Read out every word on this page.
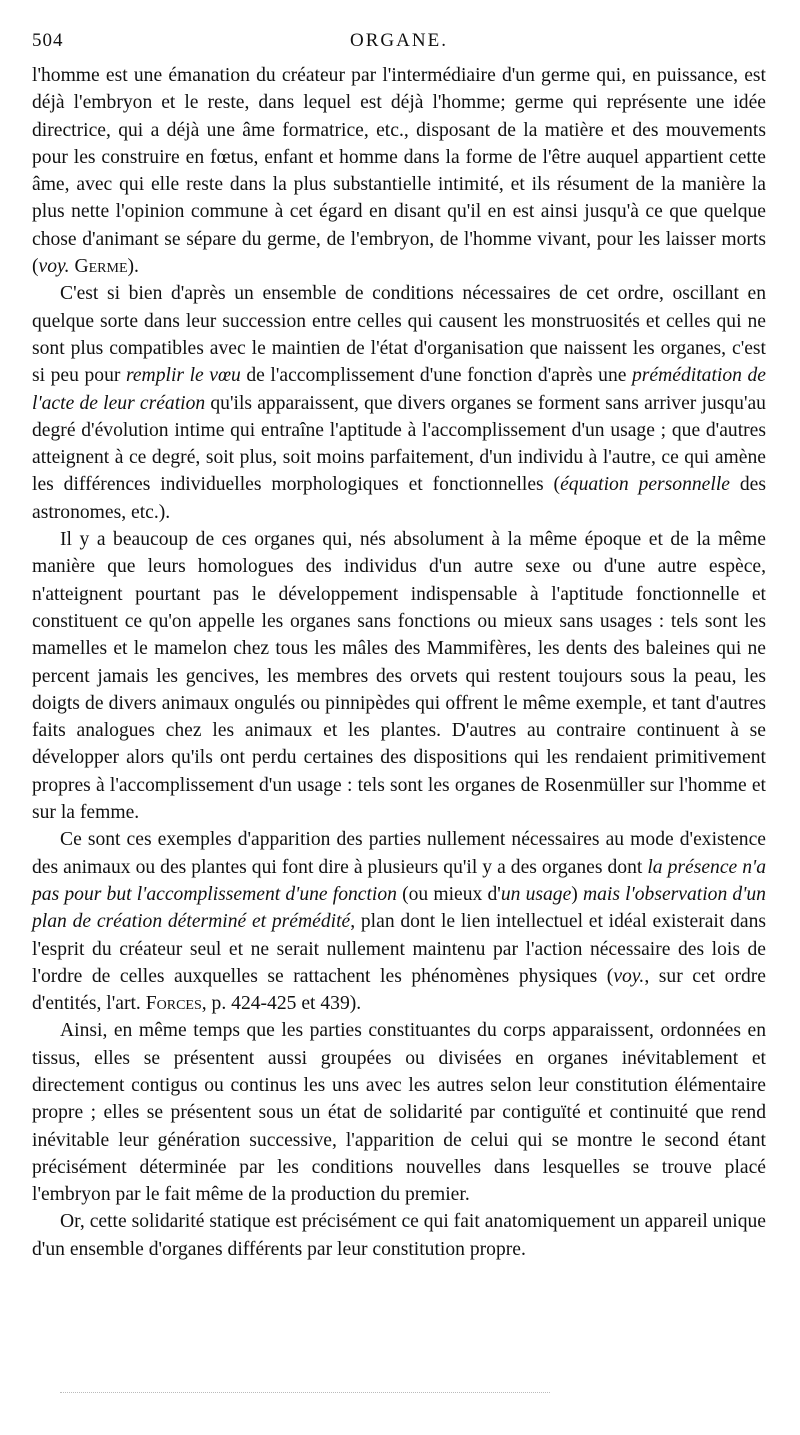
504	ORGANE.

l'homme est une émanation du créateur par l'intermédiaire d'un germe qui, en puissance, est déjà l'embryon et le reste, dans lequel est déjà l'homme; germe qui représente une idée directrice, qui a déjà une âme formatrice, etc., disposant de la matière et des mouvements pour les construire en fœtus, enfant et homme dans la forme de l'être auquel appartient cette âme, avec qui elle reste dans la plus substantielle intimité, et ils résument de la manière la plus nette l'opinion commune à cet égard en disant qu'il en est ainsi jusqu'à ce que quelque chose d'animant se sépare du germe, de l'embryon, de l'homme vivant, pour les laisser morts (voy. Germe).

C'est si bien d'après un ensemble de conditions nécessaires de cet ordre, oscillant en quelque sorte dans leur succession entre celles qui causent les monstruosités et celles qui ne sont plus compatibles avec le maintien de l'état d'organisation que naissent les organes, c'est si peu pour remplir le vœu de l'accomplissement d'une fonction d'après une préméditation de l'acte de leur création qu'ils apparaissent, que divers organes se forment sans arriver jusqu'au degré d'évolution intime qui entraîne l'aptitude à l'accomplissement d'un usage ; que d'autres atteignent à ce degré, soit plus, soit moins parfaitement, d'un individu à l'autre, ce qui amène les différences individuelles morphologiques et fonctionnelles (équation personnelle des astronomes, etc.).

Il y a beaucoup de ces organes qui, nés absolument à la même époque et de la même manière que leurs homologues des individus d'un autre sexe ou d'une autre espèce, n'atteignent pourtant pas le développement indispensable à l'aptitude fonctionnelle et constituent ce qu'on appelle les organes sans fonctions ou mieux sans usages : tels sont les mamelles et le mamelon chez tous les mâles des Mammifères, les dents des baleines qui ne percent jamais les gencives, les membres des orvets qui restent toujours sous la peau, les doigts de divers animaux ongulés ou pinnipèdes qui offrent le même exemple, et tant d'autres faits analogues chez les animaux et les plantes. D'autres au contraire continuent à se développer alors qu'ils ont perdu certaines des dispositions qui les rendaient primitivement propres à l'accomplissement d'un usage : tels sont les organes de Rosenmüller sur l'homme et sur la femme.

Ce sont ces exemples d'apparition des parties nullement nécessaires au mode d'existence des animaux ou des plantes qui font dire à plusieurs qu'il y a des organes dont la présence n'a pas pour but l'accomplissement d'une fonction (ou mieux d'un usage) mais l'observation d'un plan de création déterminé et prémédité, plan dont le lien intellectuel et idéal existerait dans l'esprit du créateur seul et ne serait nullement maintenu par l'action nécessaire des lois de l'ordre de celles auxquelles se rattachent les phénomènes physiques (voy., sur cet ordre d'entités, l'art. Forces, p. 424-425 et 439).

Ainsi, en même temps que les parties constituantes du corps apparaissent, ordonnées en tissus, elles se présentent aussi groupées ou divisées en organes inévitablement et directement contigus ou continus les uns avec les autres selon leur constitution élémentaire propre ; elles se présentent sous un état de solidarité par contiguïté et continuité que rend inévitable leur génération successive, l'apparition de celui qui se montre le second étant précisément déterminée par les conditions nouvelles dans lesquelles se trouve placé l'embryon par le fait même de la production du premier.

Or, cette solidarité statique est précisément ce qui fait anatomiquement un appareil unique d'un ensemble d'organes différents par leur constitution propre.
